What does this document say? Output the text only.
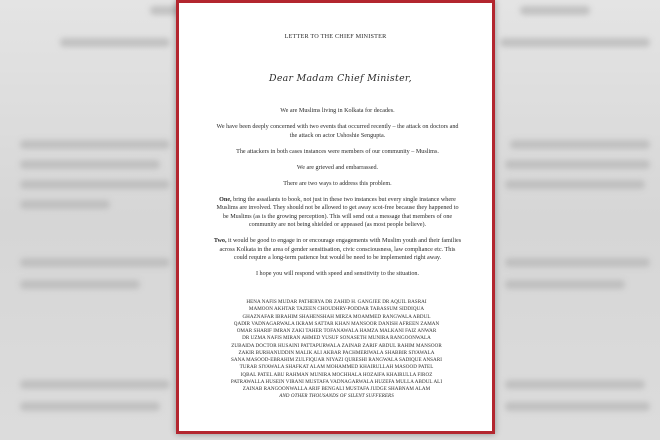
LETTER TO THE CHIEF MINISTER
Dear Madam Chief Minister,

We are Muslims living in Kolkata for decades.

We have been deeply concerned with two events that occurred recently – the attack on doctors and the attack on actor Ushoshie Sengupta.

The attackers in both cases instances were members of our community – Muslims.

We are grieved and embarrassed.

There are two ways to address this problem.

One, bring the assailants to book, not just in these two instances but every single instance where Muslims are involved. They should not be allowed to get away scot-free because they happened to be Muslims (as is the growing perception). This will send out a message that members of one community are not being shielded or appeased (as most people believe).

Two, it would be good to engage in or encourage engagements with Muslim youth and their families across Kolkata in the area of gender sensitisation, civic consciousness, law compliance etc. This could require a long-term patience but would be need to be implemented right away.

I hope you will respond with speed and sensitivity to the situation.

HENA NAFIS MUDAR PATHERYA DR ZAHID H. GANGJEE DR AQUIL BASRAI
MAMOON AKHTAR TAZEEN CHOUDHRY-PODDAR TABASSUM SIDDIQUA
GHAZNAFAR IBRAHIM SHAHENSHAH MIRZA MOAMMED RANGWALA ABDUL
QADIR VADNAGARWALA IKRAM SATTAR KHAN MANSOOR DANISH AFREEN ZAMAN
OMAR SHARIF IMRAN ZAKI TAHER TOFANAWALA HAMZA MALKANI FAIZ ANWAR
DR UZMA NAFIS MIRAN AHMED YUSUF SONASETH MUNIRA RANGOONWALA
ZUBAIDA DOCTOR HUSAINI PATTAPURWALA ZAINAB ZARIF ABDUL RAHIM MANSOOR
ZAKIR BURHANUDDIN MALIK ALI AKBAR PACHMERIWALA SHABBIR SIYAWALA
SANA MASOOD-EBRAHIM ZULFIQUAR NIYAZI QURESHI RANGWALA SADIQUE ANSARI
TURAB SIYAWALA SHAFKAT ALAM MOHAMMED KHAIRULLAH MASOOD PATEL
IQBAL PATEL ABU RAHMAN MUNIRA MOCHHALA HOZAIFA KHAIRULLA FIROZ
PATRAWALLA HUSEIN VIRANI MUSTAFA VADNAGARWALA HUZEFA MULLA ABDUL ALI
ZAINAB RANGOONWALLA ARIF BENGALI MUSTAFA JUDGE SHABNAM ALAM
AND OTHER THOUSANDS OF SILENT SUFFERERS
